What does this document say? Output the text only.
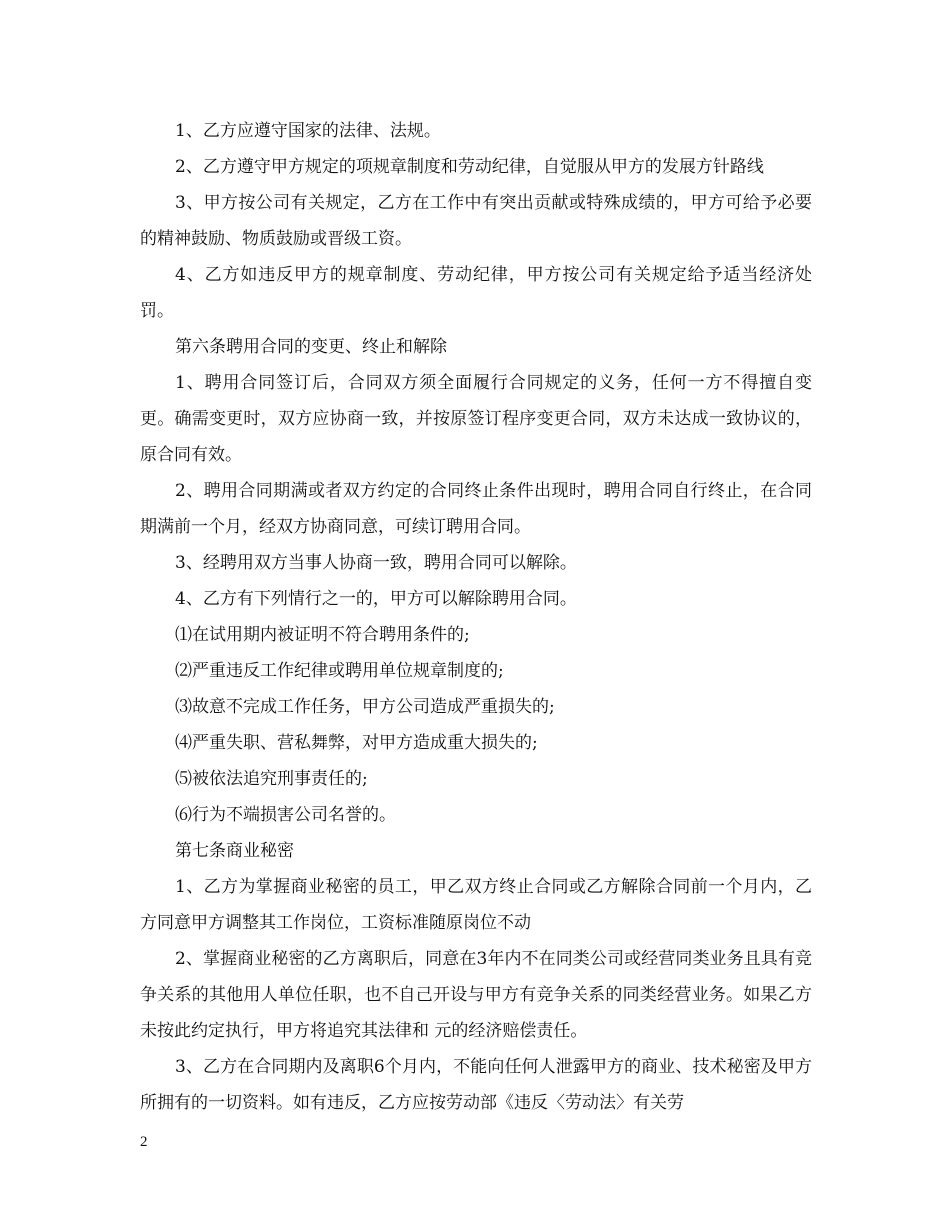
1、乙方应遵守国家的法律、法规。

2、乙方遵守甲方规定的项规章制度和劳动纪律，自觉服从甲方的发展方针路线

3、甲方按公司有关规定，乙方在工作中有突出贡献或特殊成绩的，甲方可给予必要的精神鼓励、物质鼓励或晋级工资。

4、乙方如违反甲方的规章制度、劳动纪律，甲方按公司有关规定给予适当经济处罚。

第六条聘用合同的变更、终止和解除

1、聘用合同签订后，合同双方须全面履行合同规定的义务，任何一方不得擅自变更。确需变更时，双方应协商一致，并按原签订程序变更合同，双方未达成一致协议的，原合同有效。

2、聘用合同期满或者双方约定的合同终止条件出现时，聘用合同自行终止，在合同期满前一个月，经双方协商同意，可续订聘用合同。

3、经聘用双方当事人协商一致，聘用合同可以解除。

4、乙方有下列情行之一的，甲方可以解除聘用合同。

⑴在试用期内被证明不符合聘用条件的;

⑵严重违反工作纪律或聘用单位规章制度的;

⑶故意不完成工作任务，甲方公司造成严重损失的;

⑷严重失职、营私舞弊，对甲方造成重大损失的;

⑸被依法追究刑事责任的;

⑹行为不端损害公司名誉的。

第七条商业秘密

1、乙方为掌握商业秘密的员工，甲乙双方终止合同或乙方解除合同前一个月内，乙方同意甲方调整其工作岗位，工资标准随原岗位不动

2、掌握商业秘密的乙方离职后，同意在3年内不在同类公司或经营同类业务且具有竞争关系的其他用人单位任职，也不自己开设与甲方有竞争关系的同类经营业务。如果乙方未按此约定执行，甲方将追究其法律和 元的经济赔偿责任。

3、乙方在合同期内及离职6个月内，不能向任何人泄露甲方的商业、技术秘密及甲方所拥有的一切资料。如有违反，乙方应按劳动部《违反〈劳动法〉有关劳

2
